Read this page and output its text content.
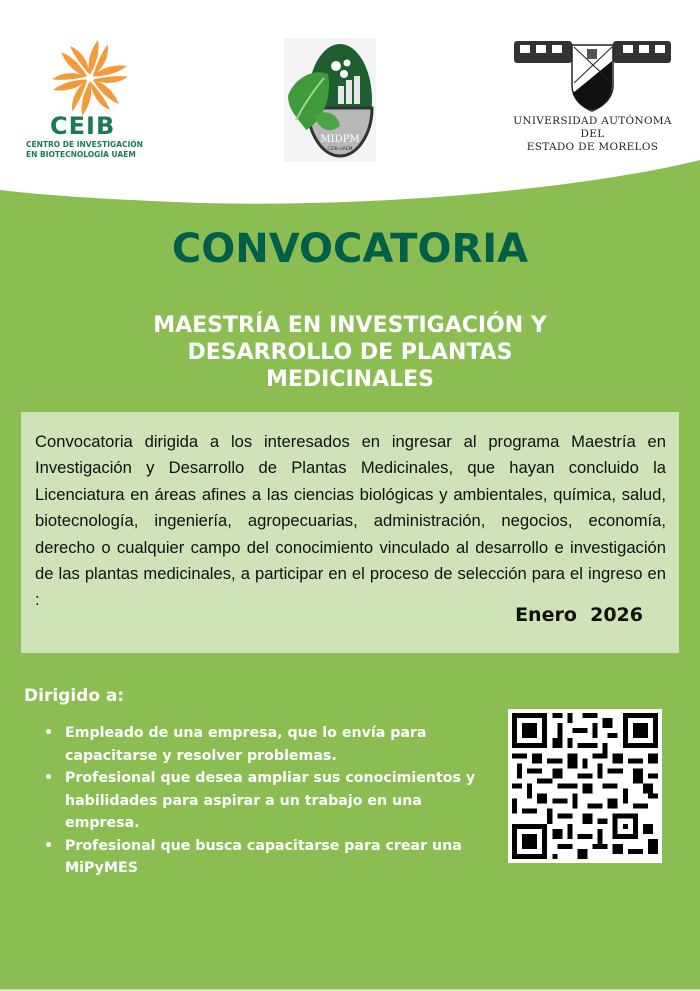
CEIB
CENTRO DE INVESTIGACIÓN
EN BIOTECNOLOGÍA UAEM
MIDPM
CEIB-UAEM
UNIVERSIDAD AUTÓNOMA DEL
ESTADO DE MORELOS
CONVOCATORIA
MAESTRÍA EN INVESTIGACIÓN Y DESARROLLO DE PLANTAS MEDICINALES

Convocatoria dirigida a los interesados en ingresar al programa Maestría en Investigación y Desarrollo de Plantas Medicinales, que hayan concluido la Licenciatura en áreas afines a las ciencias biológicas y ambientales, química, salud, biotecnología, ingeniería, agropecuarias, administración, negocios, economía, derecho o cualquier campo del conocimiento vinculado al desarrollo e investigación de las plantas medicinales, a participar en el proceso de selección para el ingreso en :

Enero  2026
Dirigido a:
• Empleado de una empresa, que lo envía para capacitarse y resolver problemas.
• Profesional que desea ampliar sus conocimientos y habilidades para aspirar a un trabajo en una empresa.
• Profesional que busca capacitarse para crear una MiPyMES
